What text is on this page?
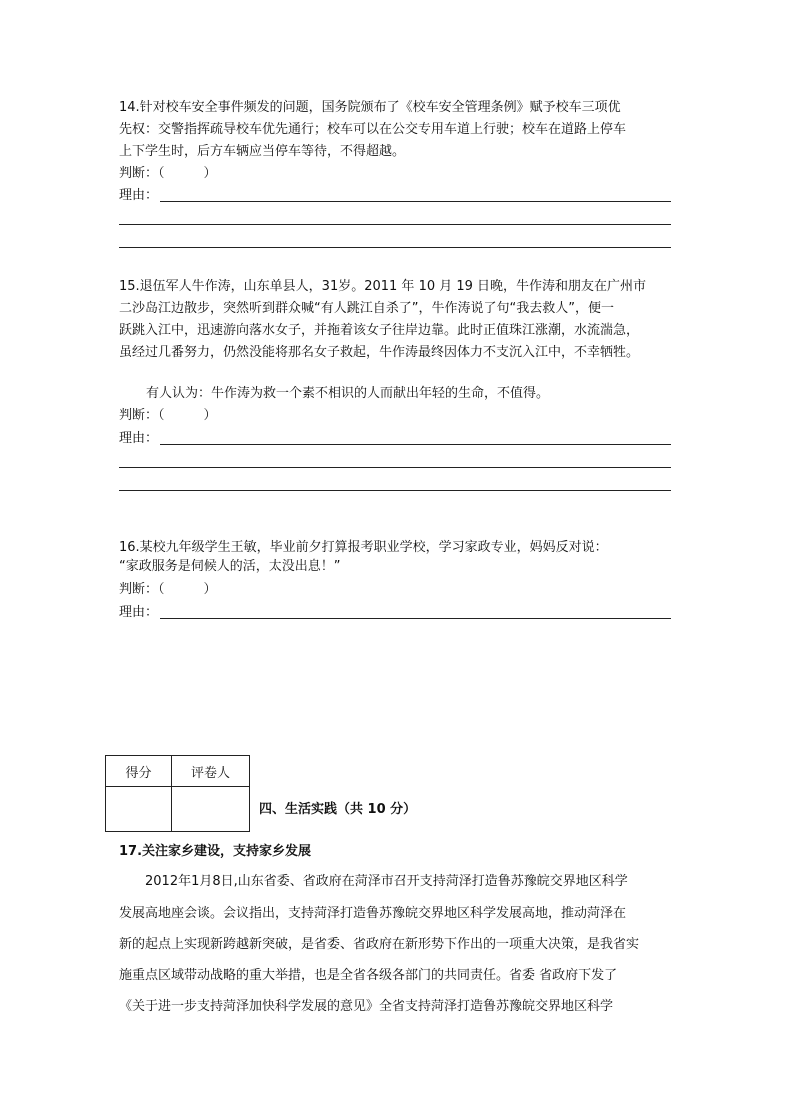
14.针对校车安全事件频发的问题，国务院颁布了《校车安全管理条例》赋予校车三项优
先权：交警指挥疏导校车优先通行；校车可以在公交专用车道上行驶；校车在道路上停车
上下学生时，后方车辆应当停车等待，不得超越。
判断：（　　　）
理由：
15.退伍军人牛作涛，山东单县人，31岁。2011 年 10 月 19 日晚，牛作涛和朋友在广州市
二沙岛江边散步，突然听到群众喊“有人跳江自杀了”，牛作涛说了句“我去救人”，便一
跃跳入江中，迅速游向落水女子，并拖着该女子往岸边靠。此时正值珠江涨潮，水流湍急，
虽经过几番努力，仍然没能将那名女子救起，牛作涛最终因体力不支沉入江中，不幸牺牲。
有人认为：牛作涛为救一个素不相识的人而献出年轻的生命，不值得。
判断：（　　　）
理由：
16.某校九年级学生王敏，毕业前夕打算报考职业学校，学习家政专业，妈妈反对说：
“家政服务是伺候人的活，太没出息！”
判断：（　　　）
理由：
得分	评卷人

四、生活实践（共 10 分）
17.关注家乡建设，支持家乡发展
　　2012年1月8日,山东省委、省政府在菏泽市召开支持菏泽打造鲁苏豫皖交界地区科学
发展高地座会谈。会议指出，支持菏泽打造鲁苏豫皖交界地区科学发展高地，推动菏泽在
新的起点上实现新跨越新突破，是省委、省政府在新形势下作出的一项重大决策，是我省实
施重点区域带动战略的重大举措，也是全省各级各部门的共同责任。省委 省政府下发了
《关于进一步支持菏泽加快科学发展的意见》全省支持菏泽打造鲁苏豫皖交界地区科学
